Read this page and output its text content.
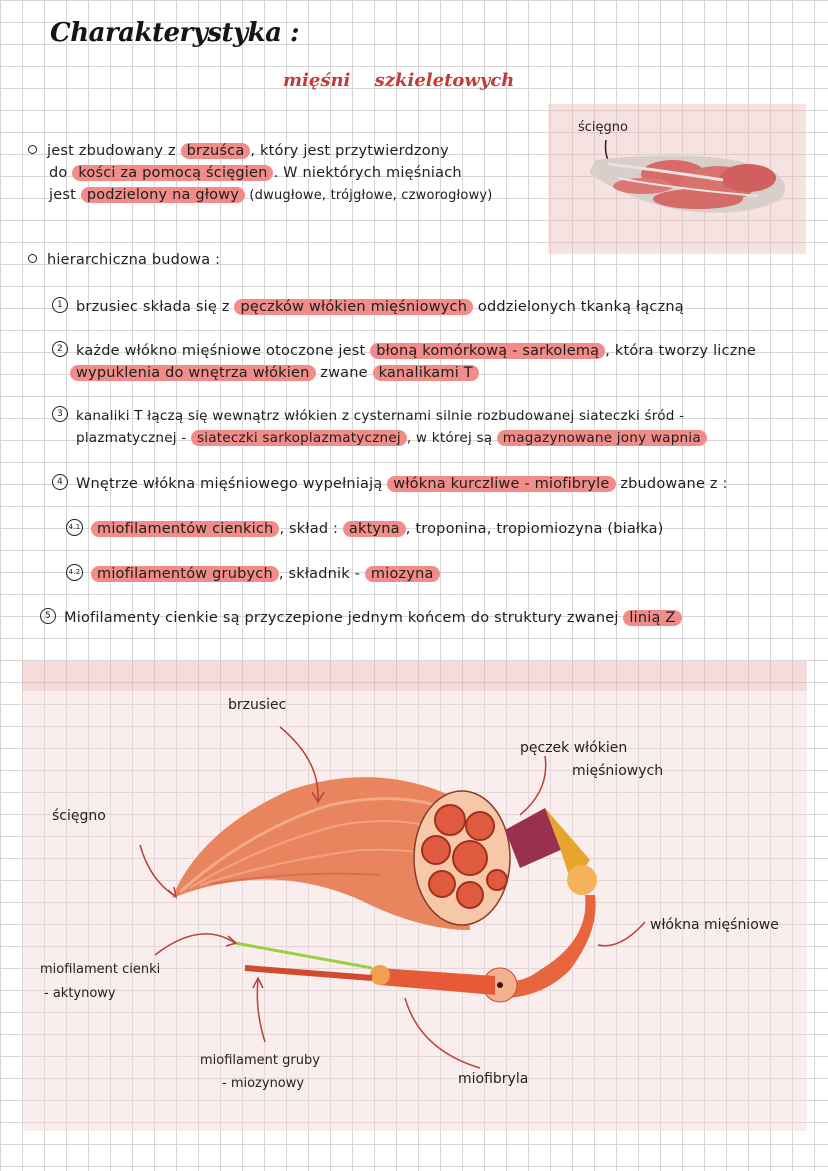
Charakterystyka :
mięśni szkieletowych
jest zbudowany z brzuśca , który jest przytwierdzony
do kości za pomocą ścięgien . W niektórych mięśniach
jest podzielony na głowy (dwugłowe, trójgłowe, czworogłowy)
ścięgno
hierarchiczna budowa :
1 brzusiec składa się z pęczków włókien mięśniowych oddzielonych tkanką łączną
2 każde włókno mięśniowe otoczone jest błoną komórkową - sarkolemą , która tworzy liczne
wypuklenia do wnętrza włókien zwane kanalikami T
3 kanaliki T łączą się wewnątrz włókien z cysternami silnie rozbudowanej siateczki śród -
plazmatycznej - siateczki sarkoplazmatycznej , w której są magazynowane jony wapnia
4 Wnętrze włókna mięśniowego wypełniają włókna kurczliwe - miofibryle zbudowane z :
4.1 miofilamentów cienkich , skład : aktyna , troponina, tropiomiozyna (białka)
4.2 miofilamentów grubych , składnik - miozyna
5 Miofilamenty cienkie są przyczepione jednym końcem do struktury zwanej linią Z
brzusiec
pęczek włókien
mięśniowych
ścięgno
włókna mięśniowe
miofilament cienki
- aktynowy
miofilament gruby
- miozynowy	miofibryla
